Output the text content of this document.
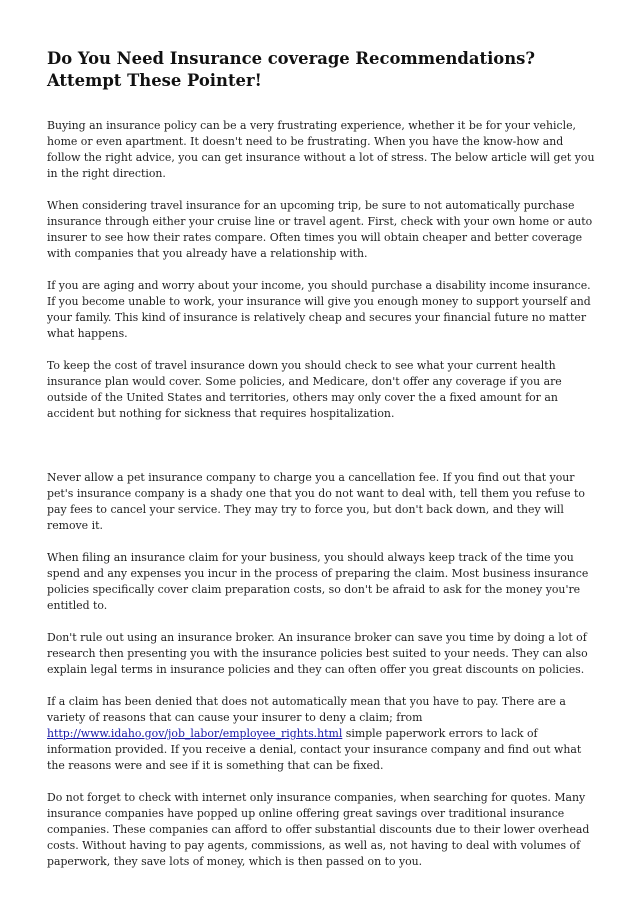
Do You Need Insurance coverage Recommendations? Attempt These Pointer!

Buying an insurance policy can be a very frustrating experience, whether it be for your vehicle, home or even apartment. It doesn't need to be frustrating. When you have the know-how and follow the right advice, you can get insurance without a lot of stress. The below article will get you in the right direction.

When considering travel insurance for an upcoming trip, be sure to not automatically purchase insurance through either your cruise line or travel agent. First, check with your own home or auto insurer to see how their rates compare. Often times you will obtain cheaper and better coverage with companies that you already have a relationship with.

If you are aging and worry about your income, you should purchase a disability income insurance. If you become unable to work, your insurance will give you enough money to support yourself and your family. This kind of insurance is relatively cheap and secures your financial future no matter what happens.

To keep the cost of travel insurance down you should check to see what your current health insurance plan would cover. Some policies, and Medicare, don't offer any coverage if you are outside of the United States and territories, others may only cover the a fixed amount for an accident but nothing for sickness that requires hospitalization.

Never allow a pet insurance company to charge you a cancellation fee. If you find out that your pet's insurance company is a shady one that you do not want to deal with, tell them you refuse to pay fees to cancel your service. They may try to force you, but don't back down, and they will remove it.

When filing an insurance claim for your business, you should always keep track of the time you spend and any expenses you incur in the process of preparing the claim. Most business insurance policies specifically cover claim preparation costs, so don't be afraid to ask for the money you're entitled to.

Don't rule out using an insurance broker. An insurance broker can save you time by doing a lot of research then presenting you with the insurance policies best suited to your needs. They can also explain legal terms in insurance policies and they can often offer you great discounts on policies.

If a claim has been denied that does not automatically mean that you have to pay. There are a variety of reasons that can cause your insurer to deny a claim; from http://www.idaho.gov/job_labor/employee_rights.html simple paperwork errors to lack of information provided. If you receive a denial, contact your insurance company and find out what the reasons were and see if it is something that can be fixed.

Do not forget to check with internet only insurance companies, when searching for quotes. Many insurance companies have popped up online offering great savings over traditional insurance companies. These companies can afford to offer substantial discounts due to their lower overhead costs. Without having to pay agents, commissions, as well as, not having to deal with volumes of paperwork, they save lots of money, which is then passed on to you.
